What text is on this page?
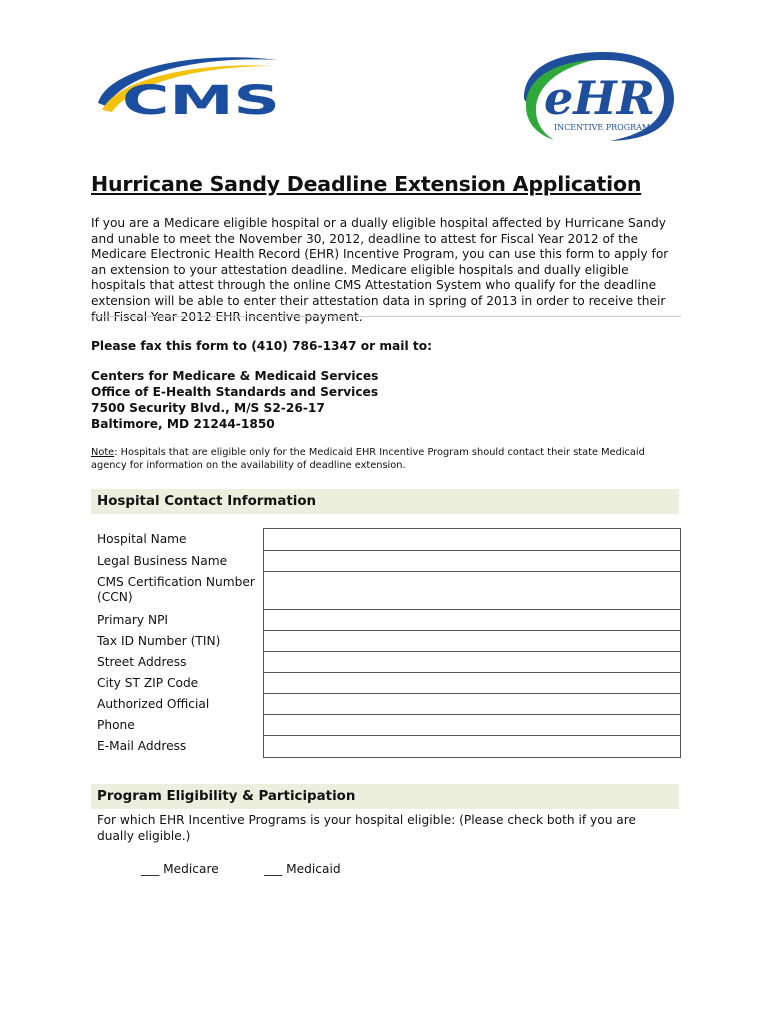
CMS	eHR
INCENTIVE PROGRAM
Hurricane Sandy Deadline Extension Application

If you are a Medicare eligible hospital or a dually eligible hospital affected by Hurricane Sandy and unable to meet the November 30, 2012, deadline to attest for Fiscal Year 2012 of the Medicare Electronic Health Record (EHR) Incentive Program, you can use this form to apply for an extension to your attestation deadline. Medicare eligible hospitals and dually eligible hospitals that attest through the online CMS Attestation System who qualify for the deadline extension will be able to enter their attestation data in spring of 2013 in order to receive their full Fiscal Year 2012 EHR incentive payment.

Please fax this form to (410) 786-1347 or mail to:
Centers for Medicare & Medicaid Services
Office of E-Health Standards and Services
7500 Security Blvd., M/S S2-26-17
Baltimore, MD 21244-1850
Note: Hospitals that are eligible only for the Medicaid EHR Incentive Program should contact their state Medicaid agency for information on the availability of deadline extension.
Hospital Contact Information
Hospital Name	
Legal Business Name	
CMS Certification Number (CCN)	
Primary NPI	
Tax ID Number (TIN)	
Street Address	
City ST ZIP Code	
Authorized Official	
Phone	
E-Mail Address	
Program Eligibility & Participation
For which EHR Incentive Programs is your hospital eligible: (Please check both if you are dually eligible.)
___ Medicare	___ Medicaid
